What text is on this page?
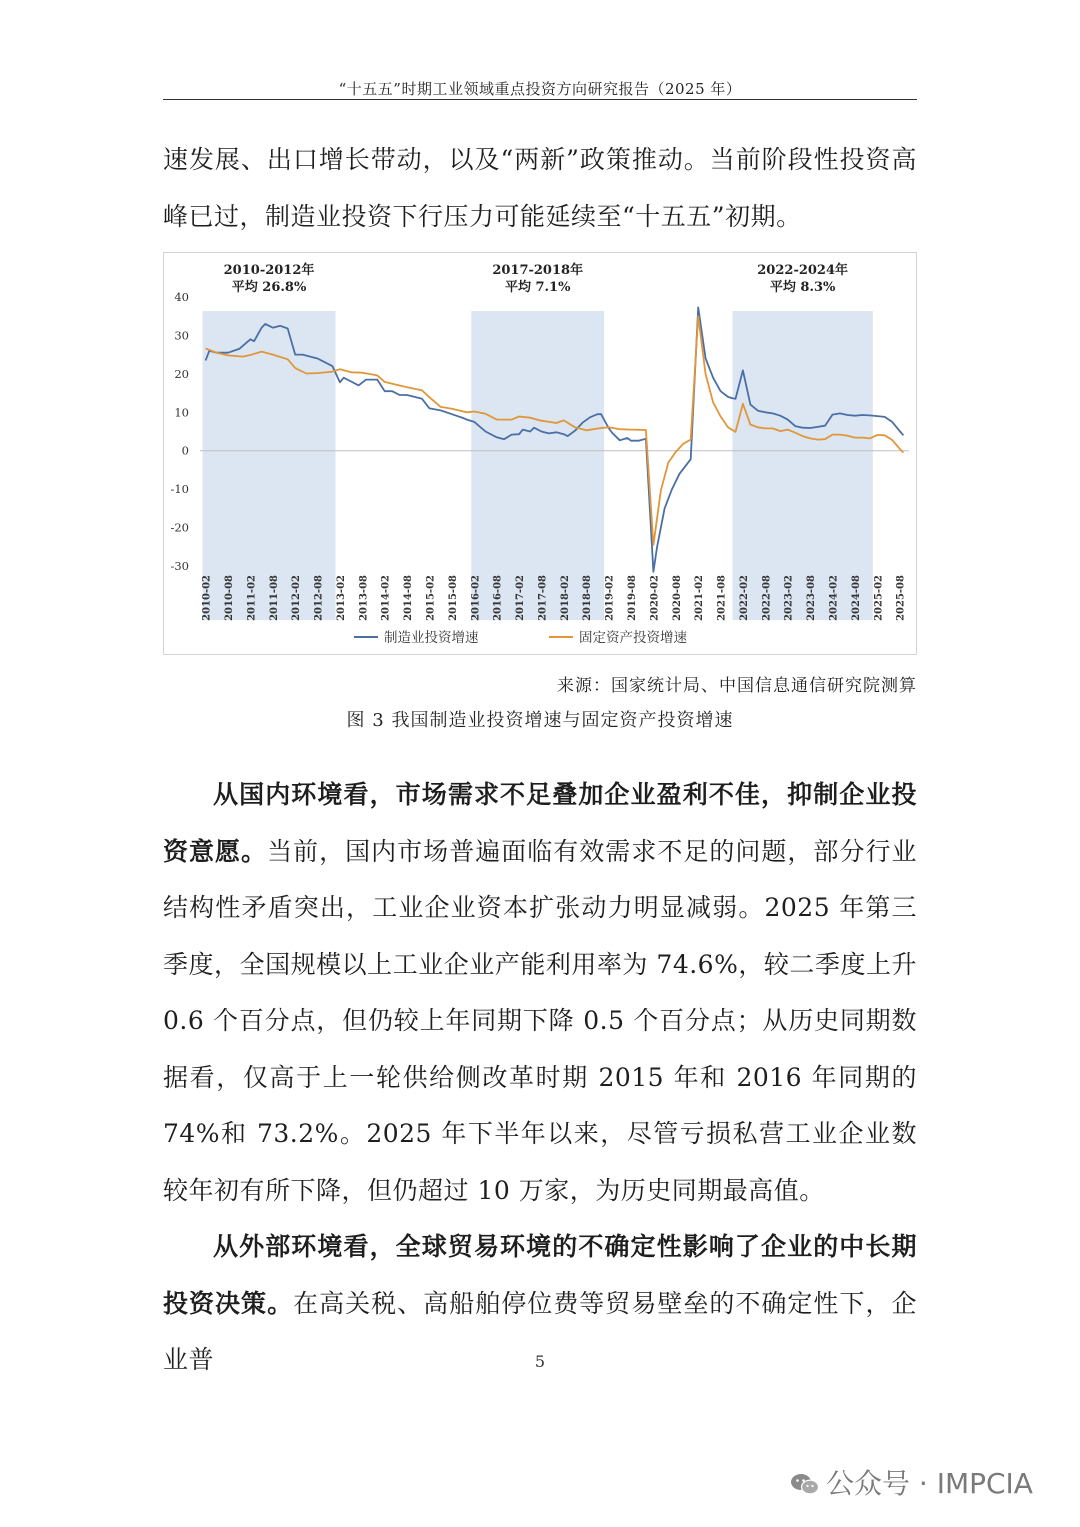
“十五五”时期工业领域重点投资方向研究报告（2025 年）

速发展、出口增长带动，以及“两新”政策推动。当前阶段性投资高峰已过，制造业投资下行压力可能延续至“十五五”初期。

2010-2012年
平均 26.8%
2017-2018年
平均 7.1%
2022-2024年
平均 8.3%
40
30
20
10
0
-10
-20
-30
2010-02 2010-08 2011-02 2011-08 2012-02 2012-08 2013-02 2013-08 2014-02 2014-08 2015-02 2015-08 2016-02 2016-08 2017-02 2017-08 2018-02 2018-08 2019-02 2019-08 2020-02 2020-08 2021-02 2021-08 2022-02 2022-08 2023-02 2023-08 2024-02 2024-08 2025-02 2025-08
制造业投资增速	固定资产投资增速
来源：国家统计局、中国信息通信研究院测算
图 3 我国制造业投资增速与固定资产投资增速

从国内环境看，市场需求不足叠加企业盈利不佳，抑制企业投资意愿。当前，国内市场普遍面临有效需求不足的问题，部分行业结构性矛盾突出，工业企业资本扩张动力明显减弱。2025 年第三季度，全国规模以上工业企业产能利用率为 74.6%，较二季度上升 0.6 个百分点，但仍较上年同期下降 0.5 个百分点；从历史同期数据看，仅高于上一轮供给侧改革时期 2015 年和 2016 年同期的 74%和 73.2%。2025 年下半年以来，尽管亏损私营工业企业数较年初有所下降，但仍超过 10 万家，为历史同期最高值。

从外部环境看，全球贸易环境的不确定性影响了企业的中长期投资决策。在高关税、高船舶停位费等贸易壁垒的不确定性下，企业普	5
公众号 · IMPCIA
